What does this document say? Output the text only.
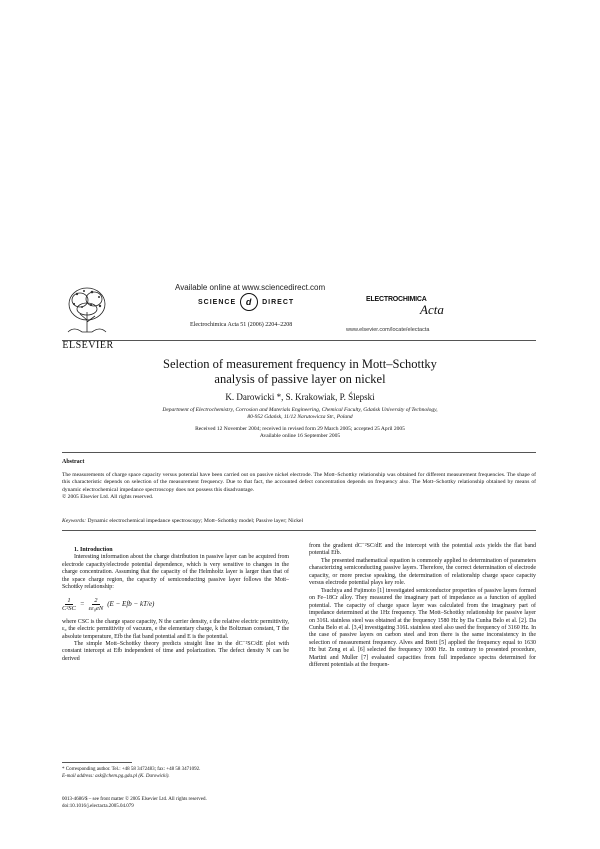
ELSEVIER
Available online at www.sciencedirect.com
SCIENCE d DIRECT
Electrochimica Acta 51 (2006) 2204–2208
ELECTROCHIMICA
Acta
www.elsevier.com/locate/electacta
Selection of measurement frequency in Mott–Schottky
analysis of passive layer on nickel
K. Darowicki *, S. Krakowiak, P. Ślepski
Department of Electrochemistry, Corrosion and Materials Engineering, Chemical Faculty, Gdańsk University of Technology,
80-952 Gdańsk, 11/12 Narutowicza Str., Poland
Received 12 November 2004; received in revised form 29 March 2005; accepted 25 April 2005
Available online 16 September 2005
Abstract
The measurements of charge space capacity versus potential have been carried out on passive nickel electrode. The Mott–Schottky relationship was obtained for different measurement frequencies. The shape of this characteristic depends on selection of the measurement frequency. Due to that fact, the accounted defect concentration depends on frequency also. The Mott–Schottky relationship obtained by means of dynamic electrochemical impedance spectroscopy does not possess this disadvantage.
© 2005 Elsevier Ltd. All rights reserved.
Keywords: Dynamic electrochemical impedance spectroscopy; Mott–Schottky model; Passive layer; Nickel

1. Introduction

Interesting information about the charge distribution in passive layer can be acquired from electrode capacity/electrode potential dependence, which is very sensitive to changes in the charge concentration. Assuming that the capacity of the Helmholtz layer is larger than that of the space charge region, the capacity of semiconducting passive layer follows the Mott–Schottky relationship:

$\frac{1}{\text{C²SC}} = \frac{2}{\text{εε₀eN}} (E$ − Efb − kT/e)

where CSC is the charge space capacity, N the carrier density, ε the relative electric permittivity, ε₀ the electric permittivity of vacuum, e the elementary charge, k the Boltzman constant, T the absolute temperature, Efb the flat band potential and E is the potential.

The simple Mott–Schottky theory predicts straight line in the dC⁻²SC/dE plot with constant intercept at Efb independent of time and polarization. The defect density N can be derived

* Corresponding author. Tel.: +48 58 3472483; fax: +48 58 3471092.
E-mail address: ask@chem.pg.gda.pl (K. Darowicki).
0013-4686/$ – see front matter © 2005 Elsevier Ltd. All rights reserved.
doi:10.1016/j.electacta.2005.04.079

from the gradient dC⁻²SC/dE and the intercept with the potential axis yields the flat band potential Efb.

The presented mathematical equation is commonly applied to determination of parameters characterizing semiconducting passive layers. Therefore, the correct determination of electrode capacity, or more precise speaking, the determination of relationship charge space capacity versus electrode potential plays key role.

Tsuchiya and Fujimoto [1] investigated semiconductor properties of passive layers formed on Fe–18Cr alloy. They measured the imaginary part of impedance as a function of applied potential. The capacity of charge space layer was calculated from the imaginary part of impedance determined at the 1Hz frequency. The Mott–Schottky relationship for passive layer on 316L stainless steel was obtained at the frequency 1580 Hz by Da Cunha Belo et al. [2]. Da Cunha Belo et al. [3,4] investigating 316L stainless steel also used the frequency of 3160 Hz. In the case of passive layers on carbon steel and iron there is the same inconsistency in the selection of measurement frequency. Alves and Brett [5] applied the frequency equal to 1630 Hz but Zeng et al. [6] selected the frequency 1000 Hz. In contrary to presented procedure, Martini and Muller [7] evaluated capacities from full impedance spectra determined for different potentials at the frequen-
